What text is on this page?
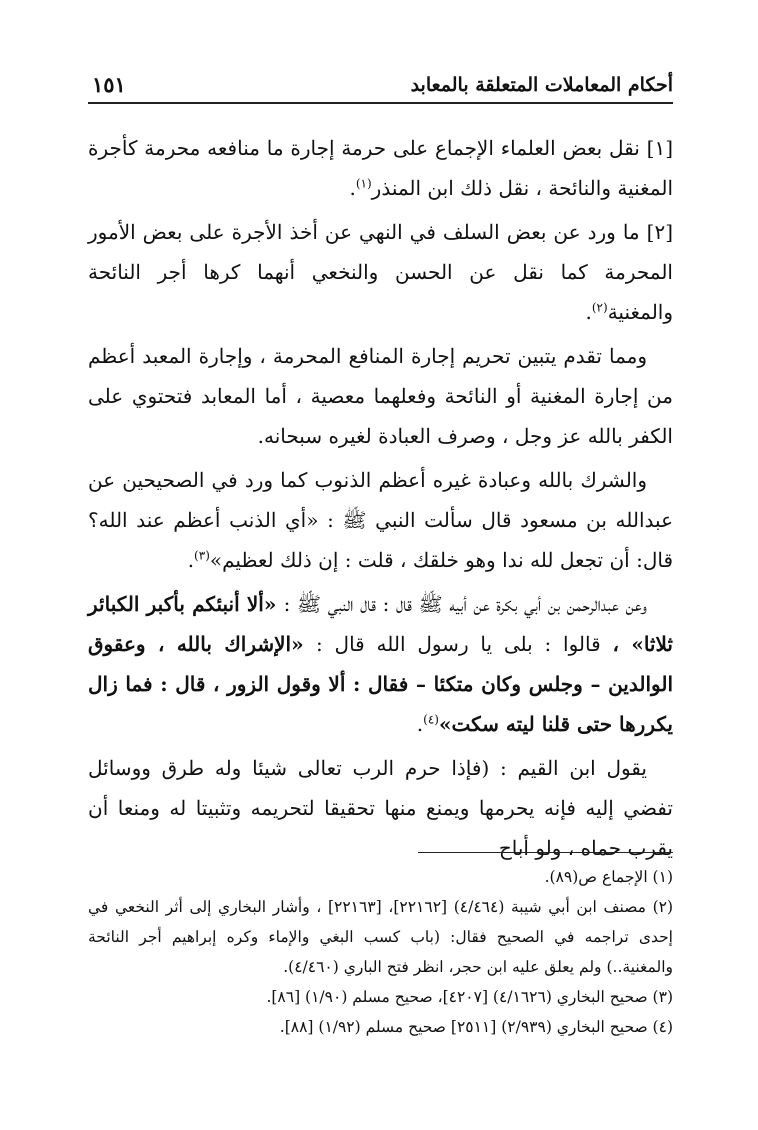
أحكام المعاملات المتعلقة بالمعابد
١٥١

[١] نقل بعض العلماء الإجماع على حرمة إجارة ما منافعه محرمة كأجرة المغنية والنائحة ، نقل ذلك ابن المنذر$^{(١)}$.

[٢] ما ورد عن بعض السلف في النهي عن أخذ الأجرة على بعض الأمور المحرمة كما نقل عن الحسن والنخعي أنهما كرها أجر النائحة والمغنية$^{(٢)}$.

ومما تقدم يتبين تحريم إجارة المنافع المحرمة ، وإجارة المعبد أعظم من إجارة المغنية أو النائحة وفعلهما معصية ، أما المعابد فتحتوي على الكفر بالله عز وجل ، وصرف العبادة لغيره سبحانه.

والشرك بالله وعبادة غيره أعظم الذنوب كما ورد في الصحيحين عن عبدالله بن مسعود قال سألت النبي ﷺ : «أي الذنب أعظم عند الله؟ قال: أن تجعل لله ندا وهو خلقك ، قلت : إن ذلك لعظيم»$^{(٣)}$.

وعن عبدالرحمن بن أبي بكرة عن أبيه ﷺ قال : قال النبي ﷺ : «ألا أنبئكم بأكبر الكبائر ثلاثا» ، قالوا : بلى يا رسول الله قال : «الإشراك بالله ، وعقوق الوالدين – وجلس وكان متكئا – فقال : ألا وقول الزور ، قال : فما زال يكررها حتى قلنا ليته سكت»$^{(٤)}$.

يقول ابن القيم : (فإذا حرم الرب تعالى شيئا وله طرق ووسائل تفضي إليه فإنه يحرمها ويمنع منها تحقيقا لتحريمه وتثبيتا له ومنعا أن يقرب حماه ، ولو أباح

(١) الإجماع ص(٨٩).

(٢) مصنف ابن أبي شيبة (٤/٤٦٤) [٢٢١٦٢]، [٢٢١٦٣] ، وأشار البخاري إلى أثر النخعي في إحدى تراجمه في الصحيح فقال: (باب كسب البغي والإماء وكره إبراهيم أجر النائحة والمغنية..) ولم يعلق عليه ابن حجر، انظر فتح الباري (٤/٤٦٠).

(٣) صحيح البخاري (٤/١٦٢٦) [٤٢٠٧]، صحيح مسلم (١/٩٠) [٨٦].

(٤) صحيح البخاري (٢/٩٣٩) [٢٥١١] صحيح مسلم (١/٩٢) [٨٨].
